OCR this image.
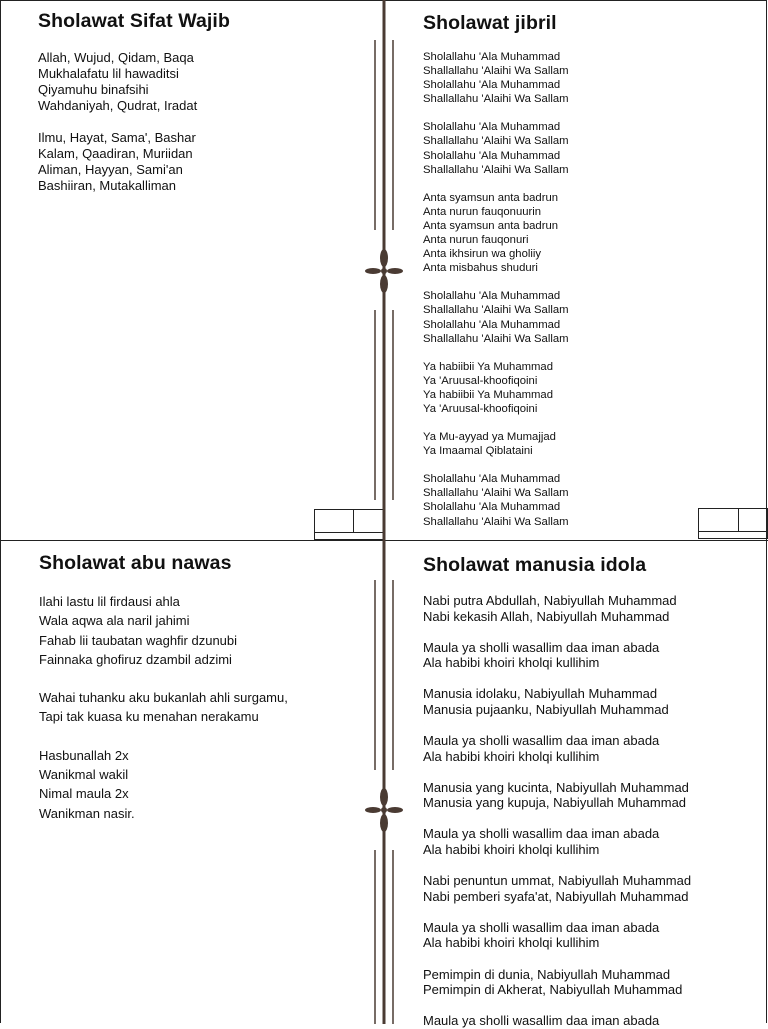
Sholawat Sifat Wajib
Allah, Wujud, Qidam, Baqa
Mukhalafatu lil hawaditsi
Qiyamuhu binafsihi
Wahdaniyah, Qudrat, Iradat
Ilmu, Hayat, Sama', Bashar
Kalam, Qaadiran, Muriidan
Aliman, Hayyan, Sami'an
Bashiiran, Mutakalliman
Sholawat jibril
Sholallahu 'Ala Muhammad
Shallallahu 'Alaihi Wa Sallam
Sholallahu 'Ala Muhammad
Shallallahu 'Alaihi Wa Sallam
Sholallahu 'Ala Muhammad
Shallallahu 'Alaihi Wa Sallam
Sholallahu 'Ala Muhammad
Shallallahu 'Alaihi Wa Sallam
Anta syamsun anta badrun
Anta nurun fauqonuurin
Anta syamsun anta badrun
Anta nurun fauqonuri
Anta ikhsirun wa gholiiy
Anta misbahus shuduri
Sholallahu 'Ala Muhammad
Shallallahu 'Alaihi Wa Sallam
Sholallahu 'Ala Muhammad
Shallallahu 'Alaihi Wa Sallam
Ya habiibii Ya Muhammad
Ya 'Aruusal-khoofiqoini
Ya habiibii Ya Muhammad
Ya 'Aruusal-khoofiqoini
Ya Mu-ayyad ya Mumajjad
Ya Imaamal Qiblataini
Sholallahu 'Ala Muhammad
Shallallahu 'Alaihi Wa Sallam
Sholallahu 'Ala Muhammad
Shallallahu 'Alaihi Wa Sallam
Sholawat abu nawas
Ilahi lastu lil firdausi ahla
Wala aqwa ala naril jahimi
Fahab lii taubatan waghfir dzunubi
Fainnaka ghofiruz dzambil adzimi
Wahai tuhanku aku bukanlah ahli surgamu,
Tapi tak kuasa ku menahan nerakamu
Hasbunallah 2x
Wanikmal wakil
Nimal maula 2x
Wanikman nasir.
Sholawat manusia idola
Nabi putra Abdullah, Nabiyullah Muhammad
Nabi kekasih Allah, Nabiyullah Muhammad
Maula ya sholli wasallim daa iman abada
Ala habibi khoiri kholqi kullihim
Manusia idolaku, Nabiyullah Muhammad
Manusia pujaanku, Nabiyullah Muhammad
Maula ya sholli wasallim daa iman abada
Ala habibi khoiri kholqi kullihim
Manusia yang kucinta, Nabiyullah Muhammad
Manusia yang kupuja, Nabiyullah Muhammad
Maula ya sholli wasallim daa iman abada
Ala habibi khoiri kholqi kullihim
Nabi penuntun ummat, Nabiyullah Muhammad
Nabi pemberi syafa'at, Nabiyullah Muhammad
Maula ya sholli wasallim daa iman abada
Ala habibi khoiri kholqi kullihim
Pemimpin di dunia, Nabiyullah Muhammad
Pemimpin di Akherat, Nabiyullah Muhammad
Maula ya sholli wasallim daa iman abada
